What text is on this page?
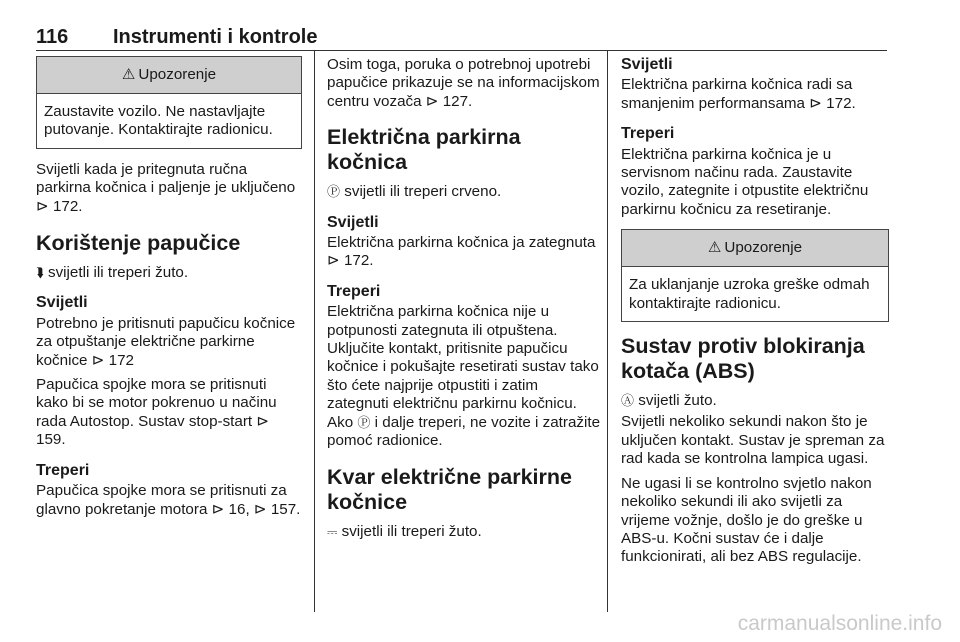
116 Instrumenti i kontrole
⚠ Upozorenje
Zaustavite vozilo. Ne nastavljajte putovanje. Kontaktirajte radionicu.

Svijetli kada je pritegnuta ručna parkirna kočnica i paljenje je uključeno ⊳ 172.

Korištenje papučice

⮯ svijetli ili treperi žuto.

Svijetli

Potrebno je pritisnuti papučicu kočnice za otpuštanje električne parkirne kočnice ⊳ 172

Papučica spojke mora se pritisnuti kako bi se motor pokrenuo u načinu rada Autostop. Sustav stop-start ⊳ 159.

Treperi

Papučica spojke mora se pritisnuti za glavno pokretanje motora ⊳ 16, ⊳ 157.

Osim toga, poruka o potrebnoj upotrebi papučice prikazuje se na informacijskom centru vozača ⊳ 127.

Električna parkirna kočnica

Ⓟ svijetli ili treperi crveno.

Svijetli

Električna parkirna kočnica ja zategnuta ⊳ 172.

Treperi

Električna parkirna kočnica nije u potpunosti zategnuta ili otpuštena. Uključite kontakt, pritisnite papučicu kočnice i pokušajte resetirati sustav tako što ćete najprije otpustiti i zatim zategnuti električnu parkirnu kočnicu.

Ako Ⓟ i dalje treperi, ne vozite i zatražite pomoć radionice.

Kvar električne parkirne kočnice

⎓ svijetli ili treperi žuto.

Svijetli

Električna parkirna kočnica radi sa smanjenim performansama ⊳ 172.

Treperi

Električna parkirna kočnica je u servisnom načinu rada. Zaustavite vozilo, zategnite i otpustite električnu parkirnu kočnicu za resetiranje.

⚠ Upozorenje
Za uklanjanje uzroka greške odmah kontaktirajte radionicu.
Sustav protiv blokiranja kotača (ABS)

Ⓐ svijetli žuto.

Svijetli nekoliko sekundi nakon što je uključen kontakt. Sustav je spreman za rad kada se kontrolna lampica ugasi.

Ne ugasi li se kontrolno svjetlo nakon nekoliko sekundi ili ako svijetli za vrijeme vožnje, došlo je do greške u ABS-u. Kočni sustav će i dalje funkcionirati, ali bez ABS regulacije.

carmanualsonline.info
